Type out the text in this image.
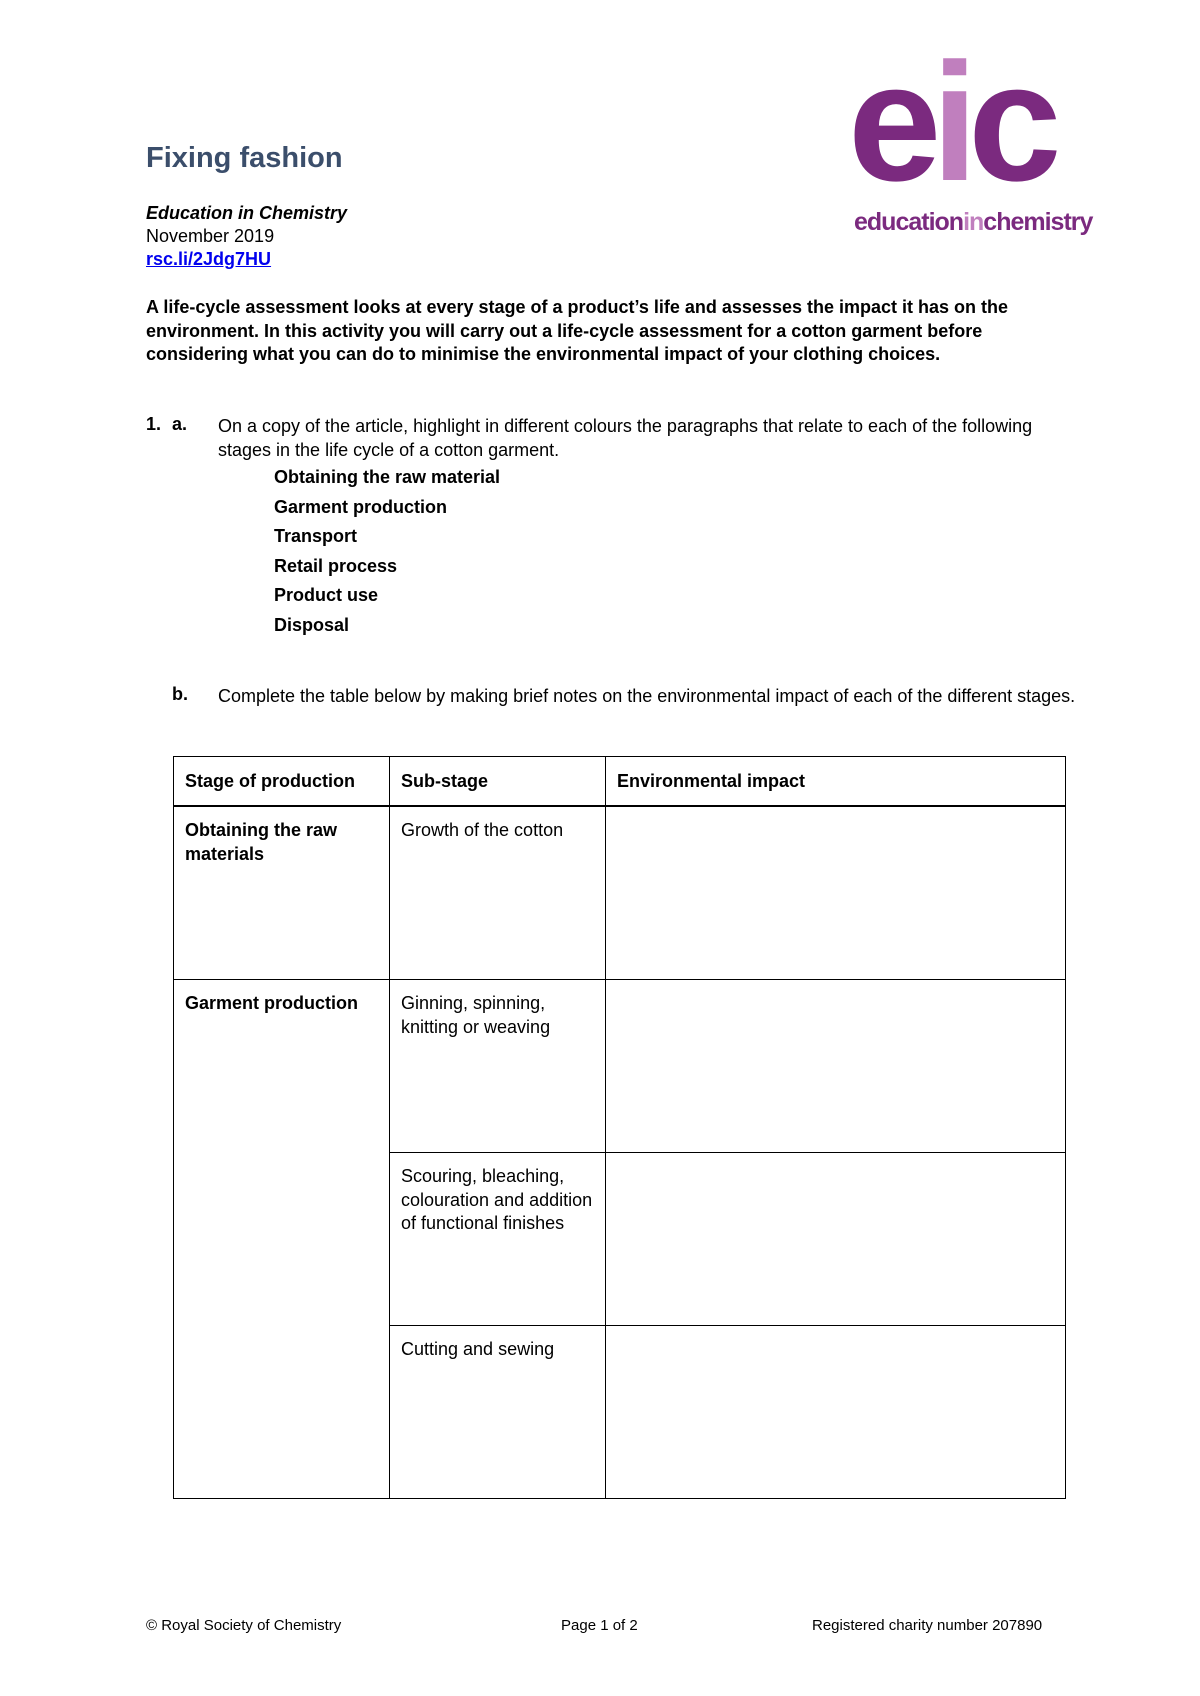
eic
educationinchemistry
Fixing fashion
Education in Chemistry
November 2019
rsc.li/2Jdg7HU

A life-cycle assessment looks at every stage of a product’s life and assesses the impact it has on the environment. In this activity you will carry out a life-cycle assessment for a cotton garment before considering what you can do to minimise the environmental impact of your clothing choices.

1. a. On a copy of the article, highlight in different colours the paragraphs that relate to each of the following stages in the life cycle of a cotton garment.
Obtaining the raw material
Garment production
Transport
Retail process
Product use
Disposal
b. Complete the table below by making brief notes on the environmental impact of each of the different stages.
Stage of production	Sub-stage	Environmental impact
Obtaining the raw materials	Growth of the cotton	
Garment production	Ginning, spinning, knitting or weaving	
	Scouring, bleaching, colouration and addition of functional finishes	
	Cutting and sewing	
© Royal Society of Chemistry	Page 1 of 2	Registered charity number 207890
